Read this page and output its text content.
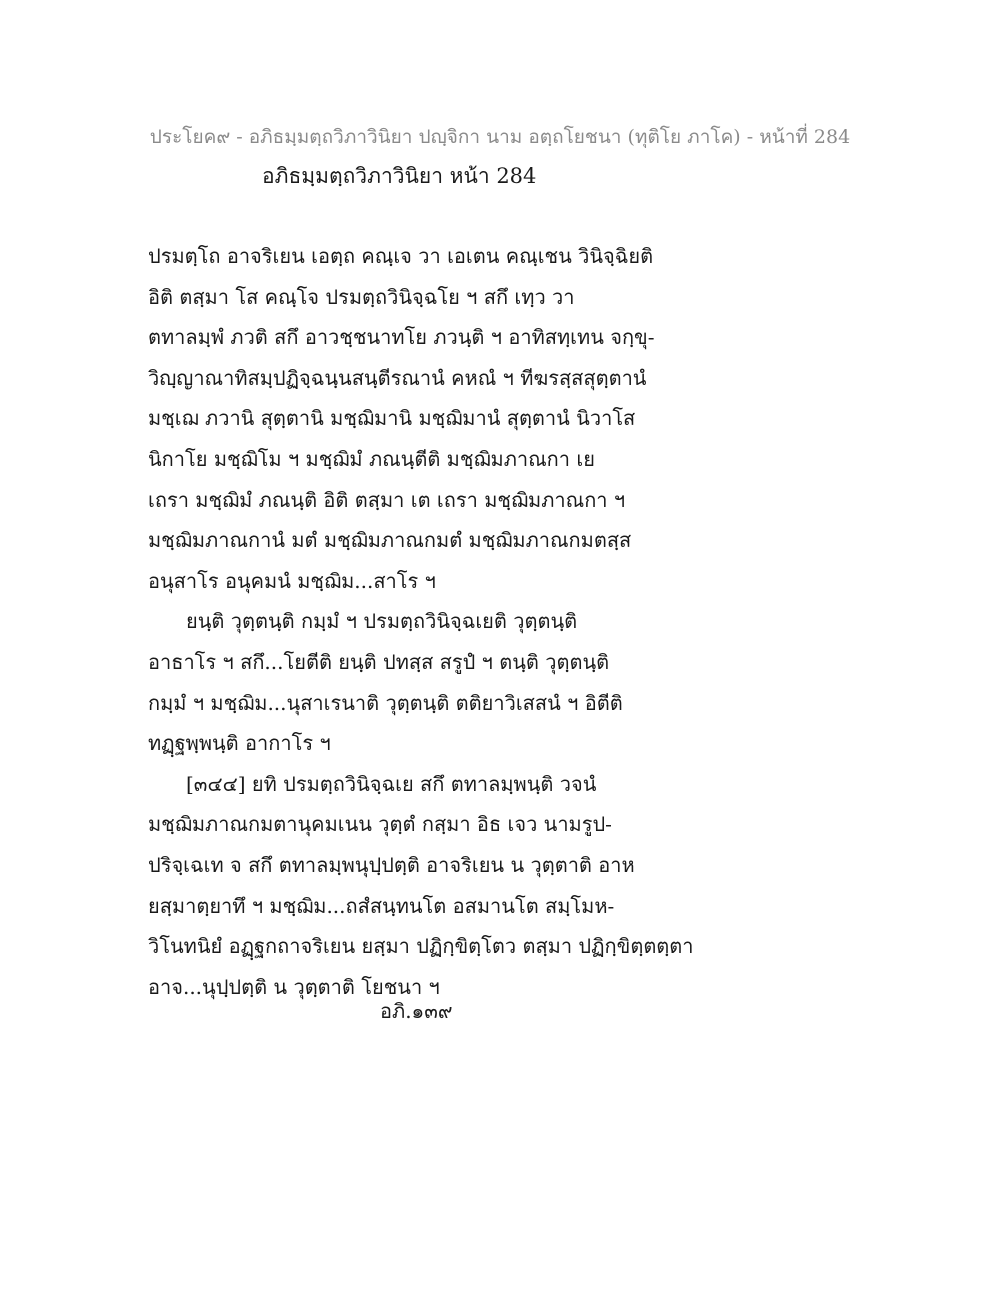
ประโยค๙ - อภิธมฺมตฺถวิภาวินิยา ปญฺจิกา นาม อตฺถโยชนา (ทุติโย ภาโค) - หน้าที่ 284
อภิธมฺมตฺถวิภาวินิยา หน้า 284
ปรมตฺโถ อาจริเยน เอตฺถ คณฺเจ วา เอเตน คณฺเชน วินิจฺฉิยติ
อิติ ตสฺมา โส คณฺโจ ปรมตฺถวินิจฺฉโย ฯ สกึ เทฺว วา
ตทาลมฺพํ ภวติ สกึ อาวชฺชนาทโย ภวนฺติ ฯ อาทิสทฺเทน จกฺขุ-
วิญฺญาณาทิสมฺปฏิจฺฉนฺนสนฺตีรณานํ คหณํ ฯ ทีฆรสฺสสุตฺตานํ
มชฺเฌ ภวานิ สุตฺตานิ มชฺฌิมานิ มชฺฌิมานํ สุตฺตานํ นิวาโส
นิกาโย มชฺฌิโม ฯ มชฺฌิมํ ภณนฺตีติ มชฺฌิมภาณกา เย
เถรา มชฺฌิมํ ภณนฺติ อิติ ตสฺมา เต เถรา มชฺฌิมภาณกา ฯ
มชฺฌิมภาณกานํ มตํ มชฺฌิมภาณกมตํ มชฺฌิมภาณกมตสฺส
อนุสาโร อนุคมนํ มชฺฌิม...สาโร ฯ
ยนฺติ วุตฺตนฺติ กมฺมํ ฯ ปรมตฺถวินิจฺฉเยติ วุตฺตนฺติ
อาธาโร ฯ สกึ...โยตีติ ยนฺติ ปทสฺส สรูปํ ฯ ตนฺติ วุตฺตนฺติ
กมฺมํ ฯ มชฺฌิม...นุสาเรนาติ วุตฺตนฺติ ตติยาวิเสสนํ ฯ อิตีติ
ทฏฺฐพฺพนฺติ อากาโร ฯ
[๓๔๔] ยทิ ปรมตฺถวินิจฺฉเย สกึ ตทาลมฺพนฺติ วจนํ
มชฺฌิมภาณกมตานุคมเนน วุตฺตํ กสฺมา อิธ เจว นามรูป-
ปริจฺเฉเท จ สกึ ตทาลมฺพนุปฺปตฺติ อาจริเยน น วุตฺตาติ อาห
ยสฺมาตฺยาทึ ฯ มชฺฌิม...ถสํสนฺทนโต อสมานโต สมฺโมห-
วิโนทนิยํ อฏฺฐกถาจริเยน ยสฺมา ปฏิกฺขิตฺโตว ตสฺมา ปฏิกฺขิตฺตตฺตา
อาจ...นุปฺปตฺติ น วุตฺตาติ โยชนา ฯ
อภิ.๑๓๙
